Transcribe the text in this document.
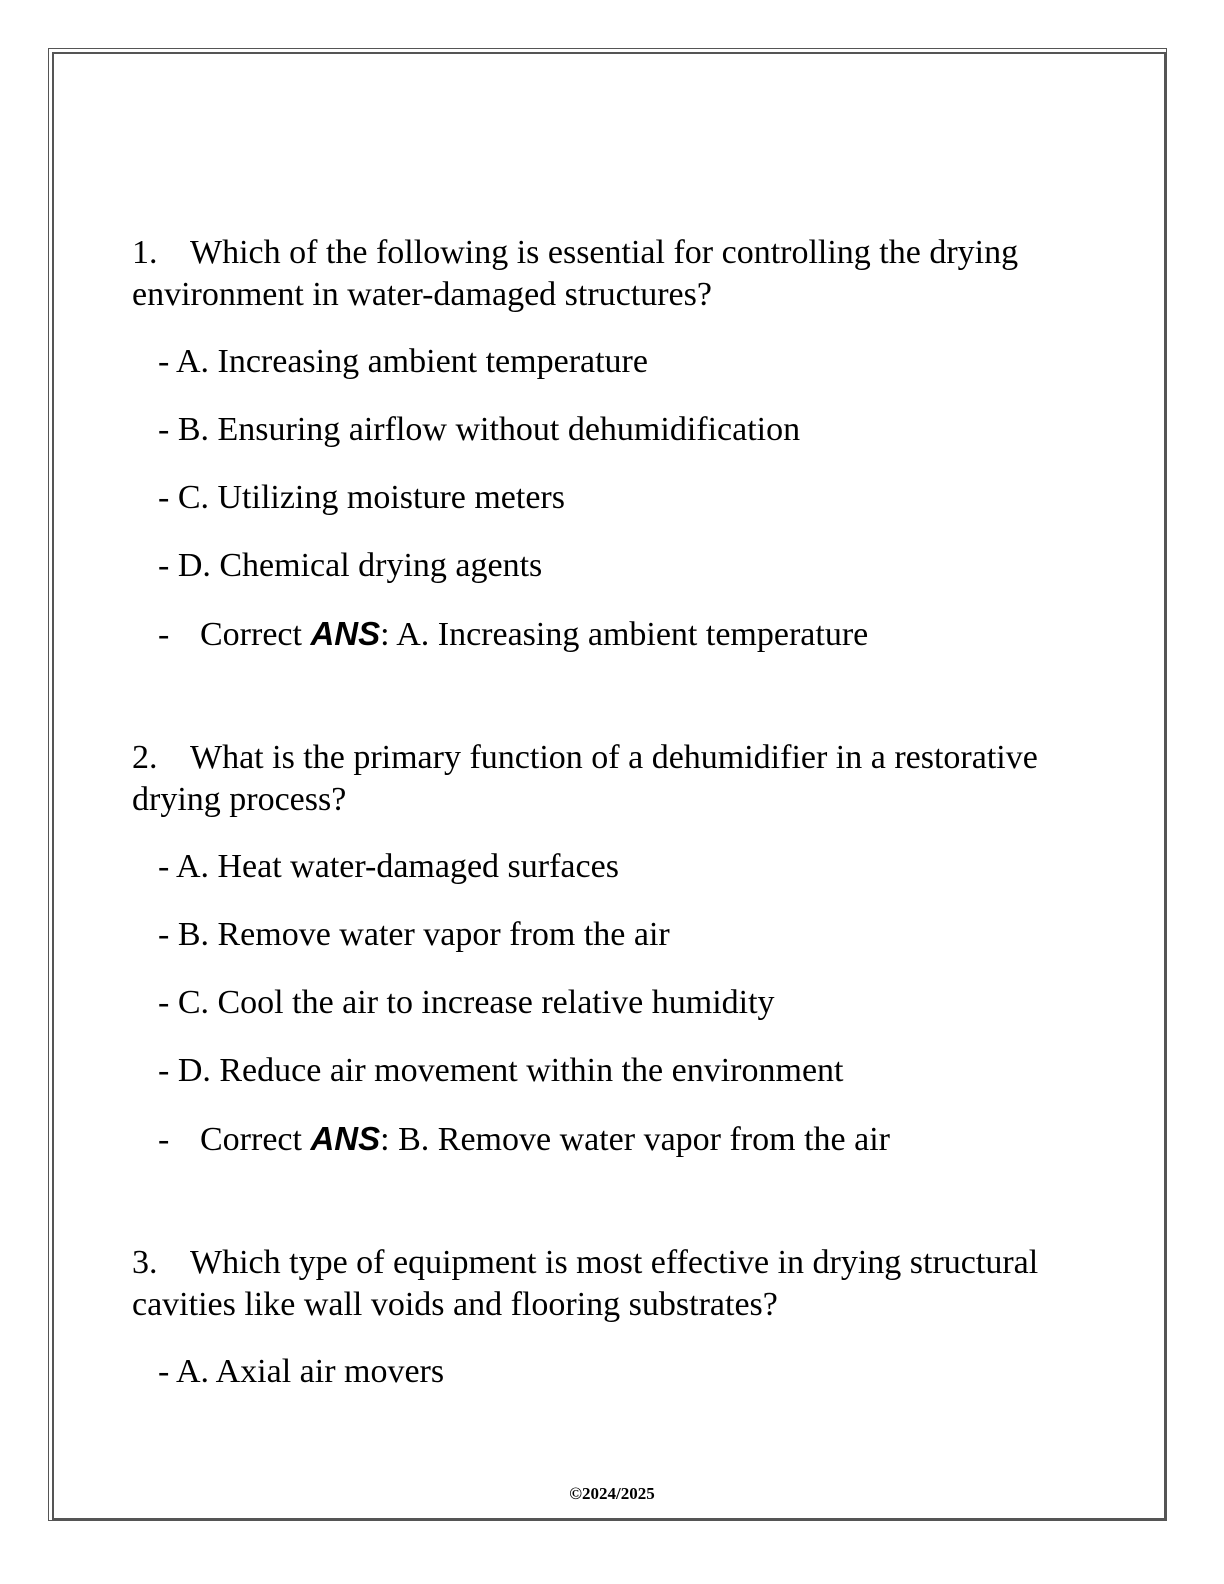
1. Which of the following is essential for controlling the drying environment in water-damaged structures?

- A. Increasing ambient temperature

- B. Ensuring airflow without dehumidification

- C. Utilizing moisture meters

- D. Chemical drying agents

- Correct ANS: A. Increasing ambient temperature

2. What is the primary function of a dehumidifier in a restorative drying process?

- A. Heat water-damaged surfaces

- B. Remove water vapor from the air

- C. Cool the air to increase relative humidity

- D. Reduce air movement within the environment

- Correct ANS: B. Remove water vapor from the air

3. Which type of equipment is most effective in drying structural cavities like wall voids and flooring substrates?

- A. Axial air movers

©2024/2025
